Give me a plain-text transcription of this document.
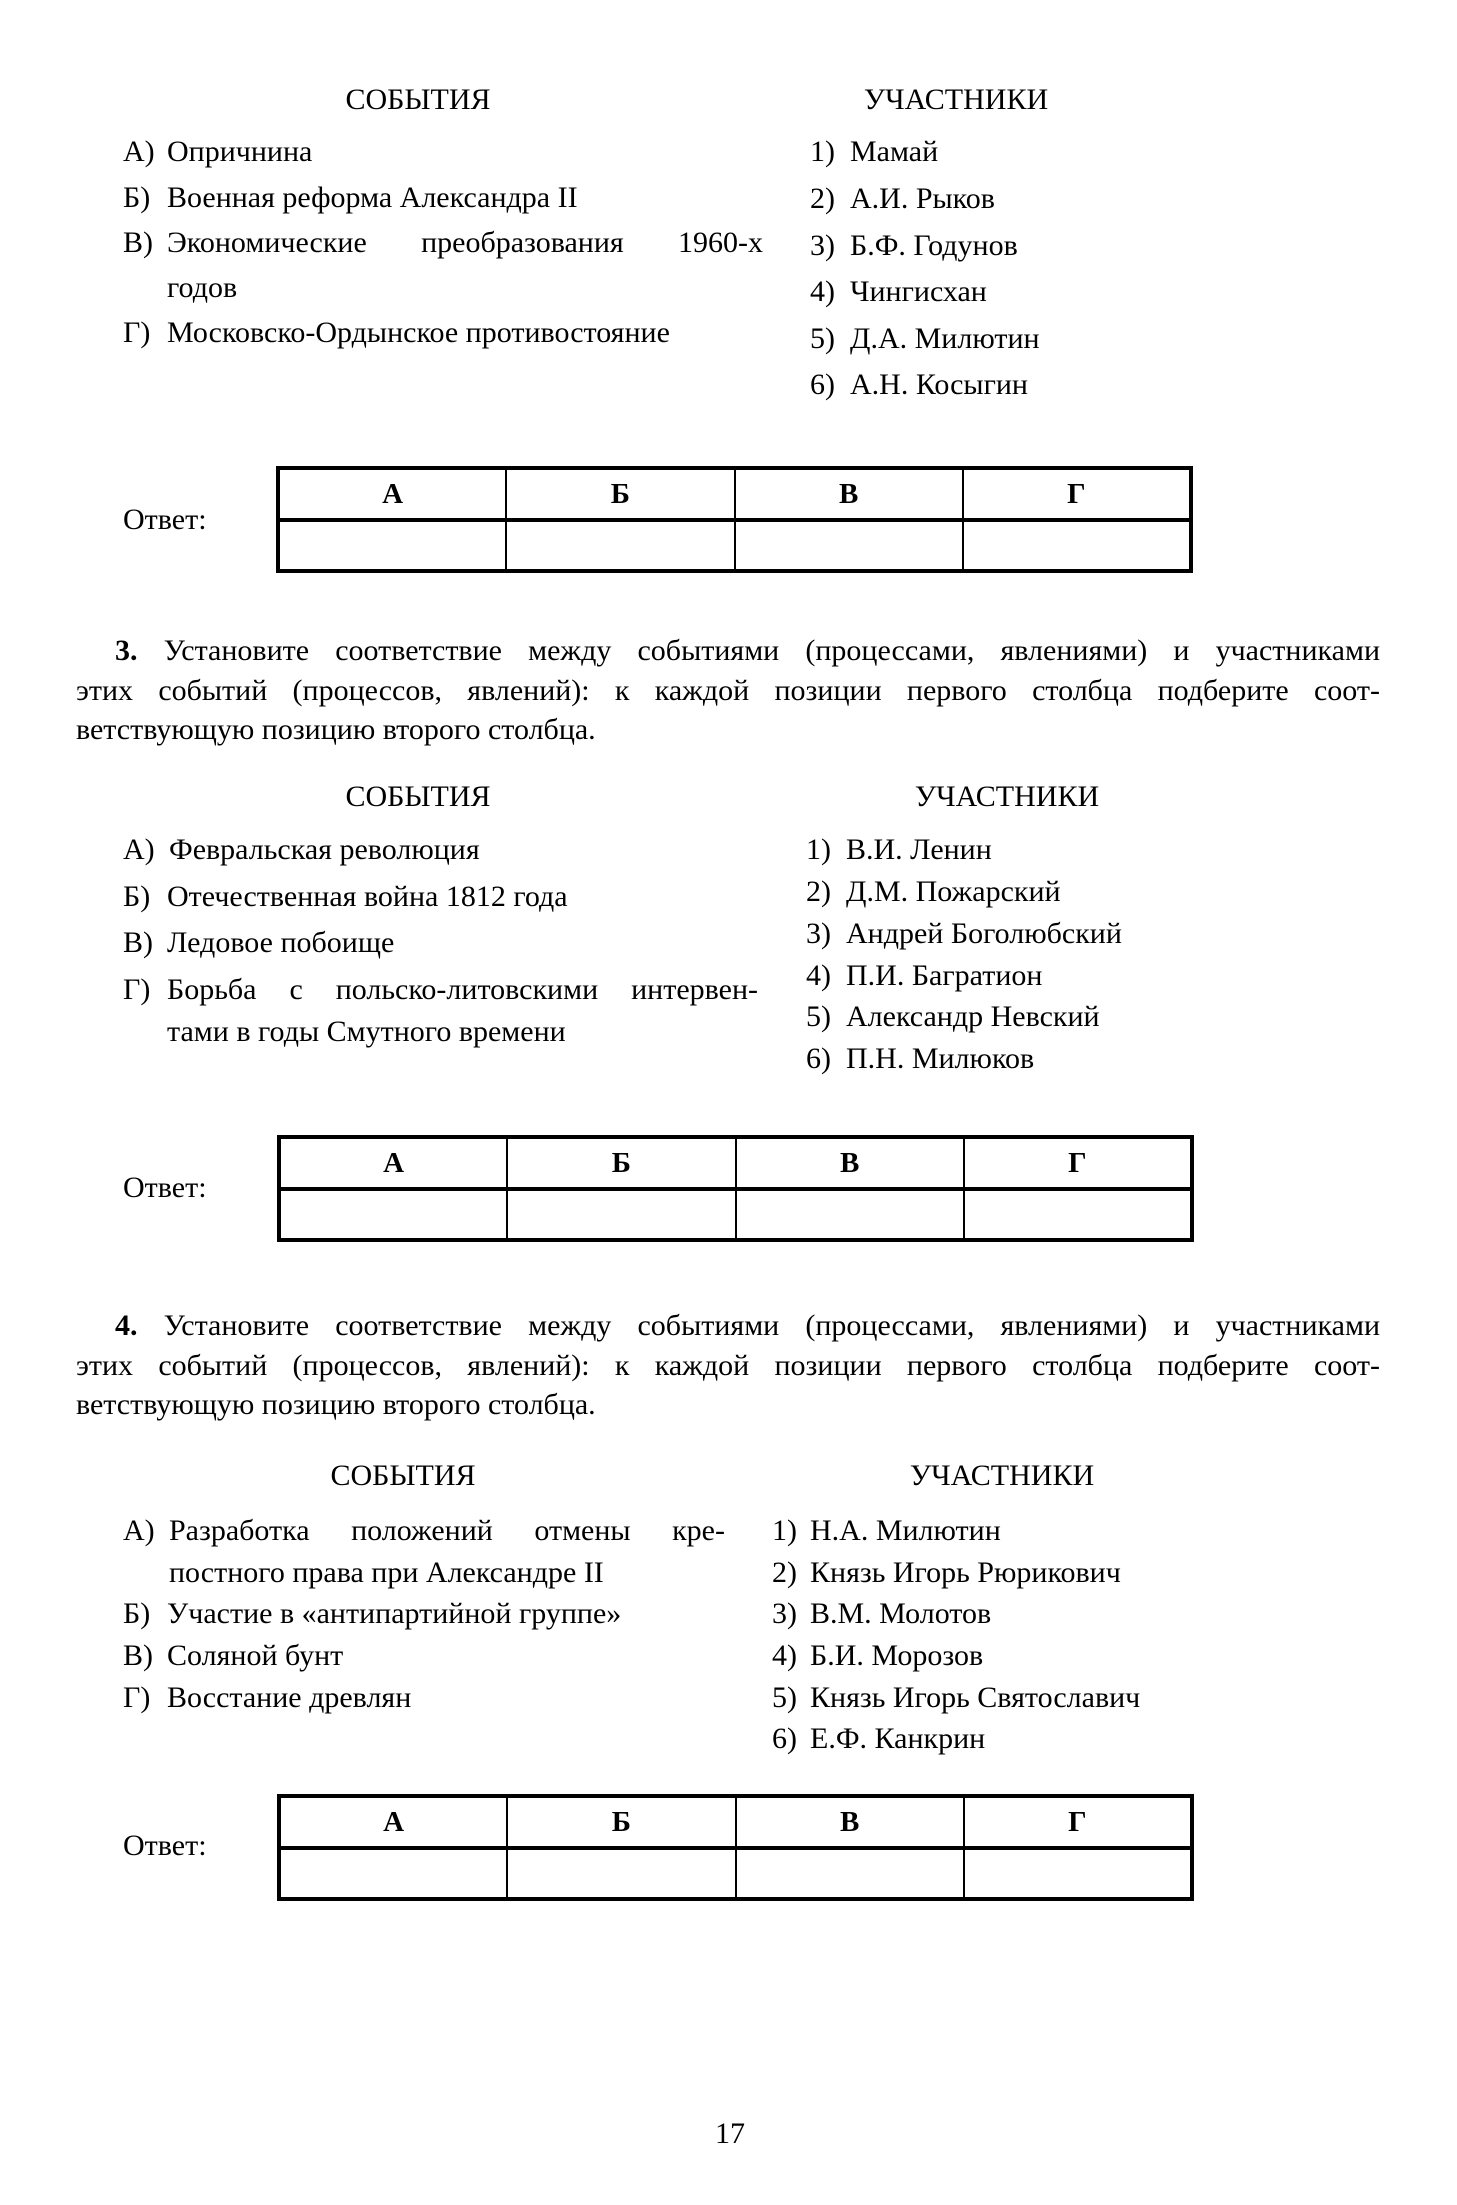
СОБЫТИЯ	УЧАСТНИКИ
А) Опричнина
Б) Военная реформа Александра II
В) Экономические преобразования 1960-х
годов
Г) Московско-Ордынское противостояние
1) Мамай
2) А.И. Рыков
3) Б.Ф. Годунов
4) Чингисхан
5) Д.А. Милютин
6) А.Н. Косыгин
Ответ:
А	Б	В	Г

3. Установите соответствие между событиями (процессами, явлениями) и участниками
этих событий (процессов, явлений): к каждой позиции первого столбца подберите соот-
ветствующую позицию второго столбца.
СОБЫТИЯ	УЧАСТНИКИ
А) Февральская революция
Б) Отечественная война 1812 года
В) Ледовое побоище
Г) Борьба с польско-литовскими интервен-
тами в годы Смутного времени
1) В.И. Ленин
2) Д.М. Пожарский
3) Андрей Боголюбский
4) П.И. Багратион
5) Александр Невский
6) П.Н. Милюков
Ответ:
А	Б	В	Г

4. Установите соответствие между событиями (процессами, явлениями) и участниками
этих событий (процессов, явлений): к каждой позиции первого столбца подберите соот-
ветствующую позицию второго столбца.
СОБЫТИЯ	УЧАСТНИКИ
А) Разработка положений отмены кре-
постного права при Александре II
Б) Участие в «антипартийной группе»
В) Соляной бунт
Г) Восстание древлян
1) Н.А. Милютин
2) Князь Игорь Рюрикович
3) В.М. Молотов
4) Б.И. Морозов
5) Князь Игорь Святославич
6) Е.Ф. Канкрин
Ответ:
А	Б	В	Г

17
